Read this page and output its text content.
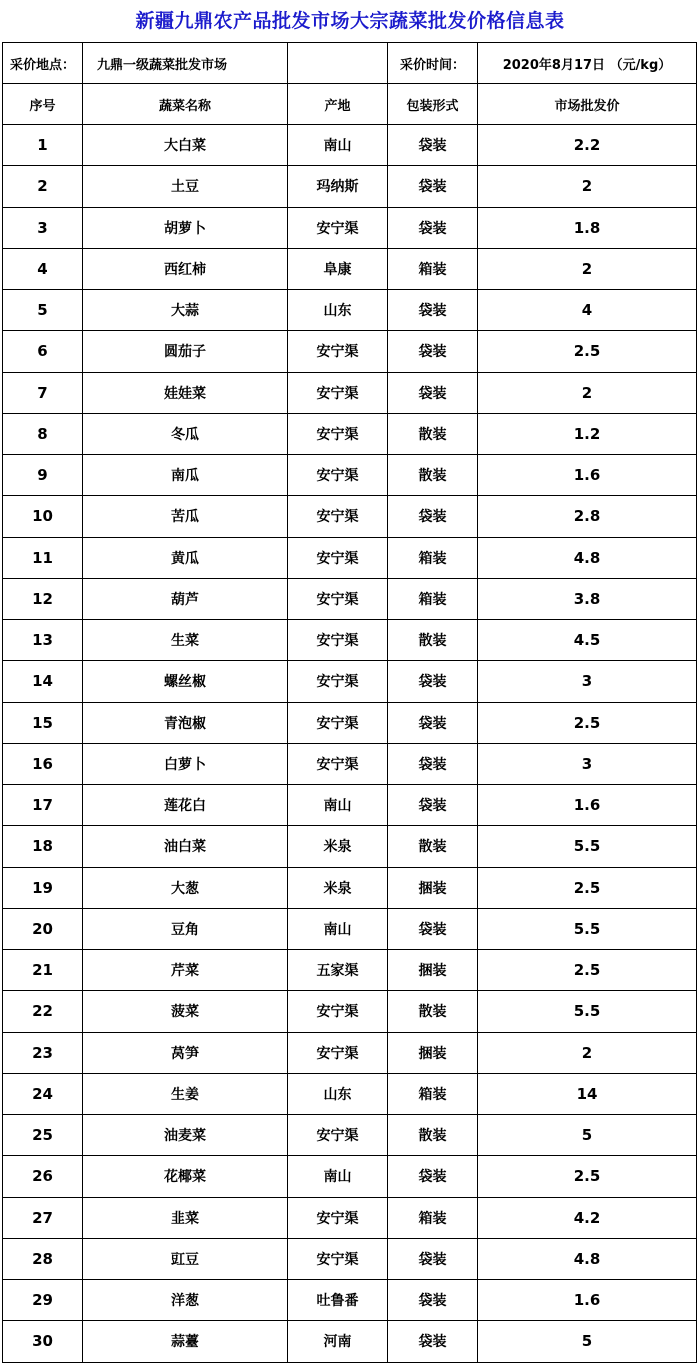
新疆九鼎农产品批发市场大宗蔬菜批发价格信息表
采价地点：	九鼎一级蔬菜批发市场		采价时间：	2020年8月17日 （元/kg）
序号	蔬菜名称	产地	包装形式	市场批发价
1	大白菜	南山	袋装	2.2
2	土豆	玛纳斯	袋装	2
3	胡萝卜	安宁渠	袋装	1.8
4	西红柿	阜康	箱装	2
5	大蒜	山东	袋装	4
6	圆茄子	安宁渠	袋装	2.5
7	娃娃菜	安宁渠	袋装	2
8	冬瓜	安宁渠	散装	1.2
9	南瓜	安宁渠	散装	1.6
10	苦瓜	安宁渠	袋装	2.8
11	黄瓜	安宁渠	箱装	4.8
12	葫芦	安宁渠	箱装	3.8
13	生菜	安宁渠	散装	4.5
14	螺丝椒	安宁渠	袋装	3
15	青泡椒	安宁渠	袋装	2.5
16	白萝卜	安宁渠	袋装	3
17	莲花白	南山	袋装	1.6
18	油白菜	米泉	散装	5.5
19	大葱	米泉	捆装	2.5
20	豆角	南山	袋装	5.5
21	芹菜	五家渠	捆装	2.5
22	菠菜	安宁渠	散装	5.5
23	莴笋	安宁渠	捆装	2
24	生姜	山东	箱装	14
25	油麦菜	安宁渠	散装	5
26	花椰菜	南山	袋装	2.5
27	韭菜	安宁渠	箱装	4.2
28	豇豆	安宁渠	袋装	4.8
29	洋葱	吐鲁番	袋装	1.6
30	蒜薹	河南	袋装	5
